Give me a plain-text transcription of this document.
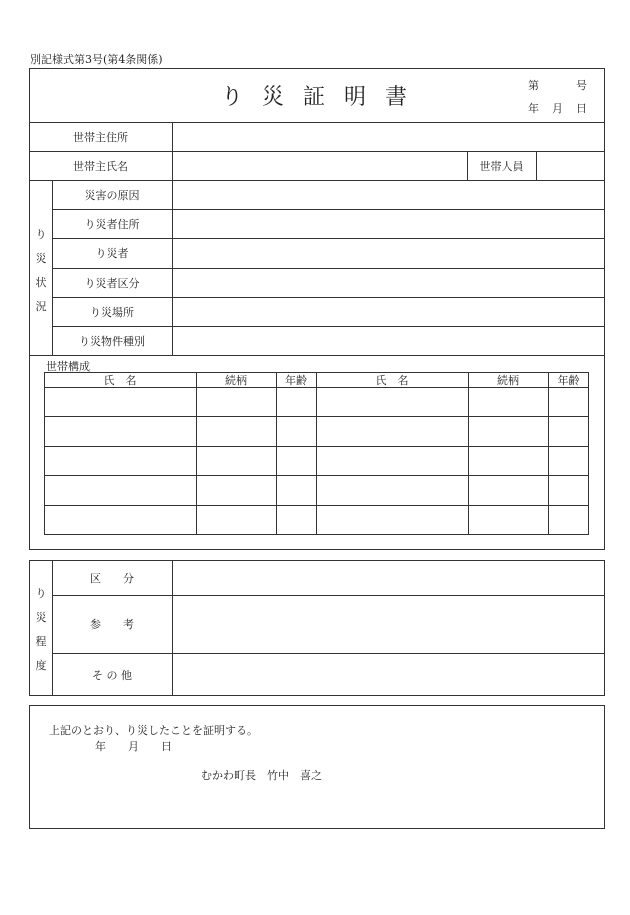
別記様式第3号(第4条関係)
り 災 証 明 書	第	号
年 月 日
世帯主住所
世帯主氏名	世帯人員
り
災
状
況
災害の原因
り災者住所
り災者
り災者区分
り災場所
り災物件種別
世帯構成
氏　名	続柄	年齢	氏　名	続柄	年齢
り
災
程
度
区　　分
参　　考
そ の 他
上記のとおり、り災したことを証明する。
年　　月　　日
むかわ町長　竹中　喜之
